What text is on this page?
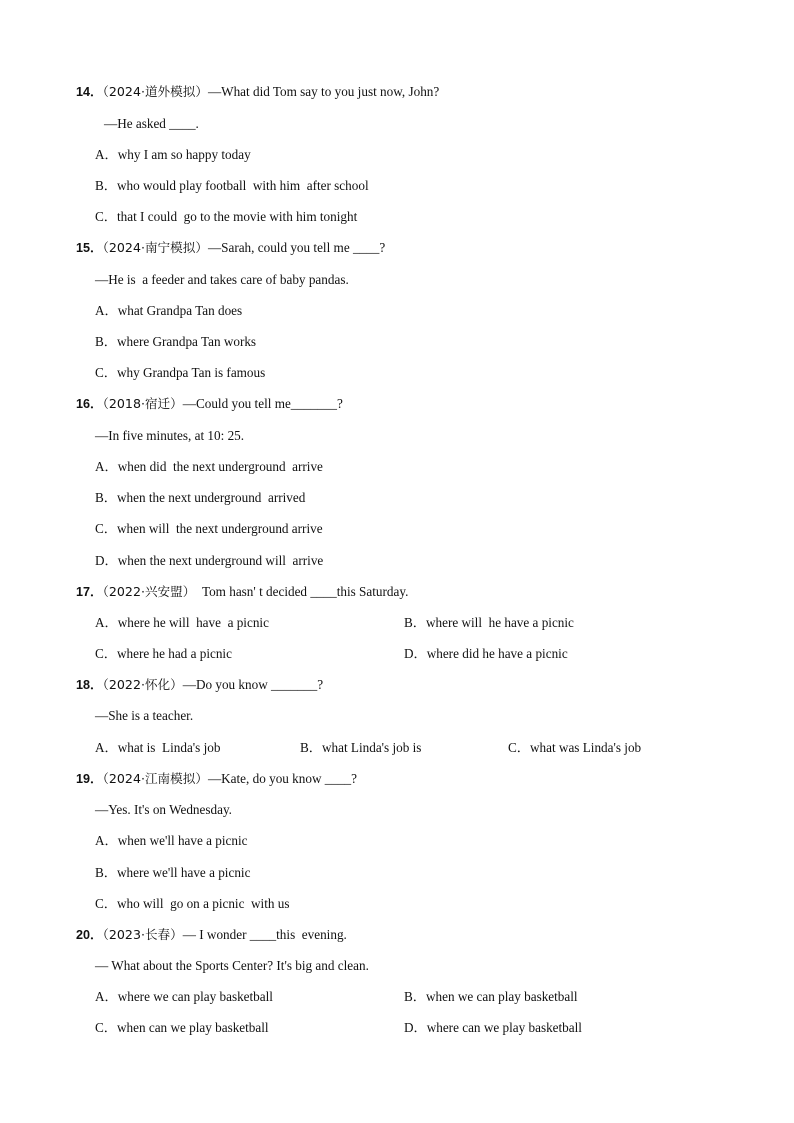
14．（2024·道外模拟）—What did Tom say to you just now, John?
—He asked ____.
A．why I am so happy today
B．who would play football  with him  after school
C．that I could  go to the movie with him tonight
15．（2024·南宁模拟）—Sarah, could you tell me ____?
—He is  a feeder and takes care of baby pandas.
A．what Grandpa Tan does
B．where Grandpa Tan works
C．why Grandpa Tan is famous
16．（2018·宿迁）—Could you tell me_______?
—In five minutes, at 10: 25.
A．when did  the next underground  arrive
B．when the next underground  arrived
C．when will  the next underground arrive
D．when the next underground will  arrive
17．（2022·兴安盟）  Tom hasn' t decided ____this Saturday.
A．where he will  have  a picnic	B．where will  he have a picnic
C．where he had a picnic	D．where did he have a picnic
18．（2022·怀化）—Do you know _______?
—She is a teacher.
A．what is  Linda's job	B．what Linda's job is	C．what was Linda's job
19．（2024·江南模拟）—Kate, do you know ____?
—Yes. It's on Wednesday.
A．when we'll have a picnic
B．where we'll have a picnic
C．who will  go on a picnic  with us
20．（2023·长春）— I wonder ____this  evening.
— What about the Sports Center? It's big and clean.
A．where we can play basketball	B．when we can play basketball
C．when can we play basketball	D．where can we play basketball
